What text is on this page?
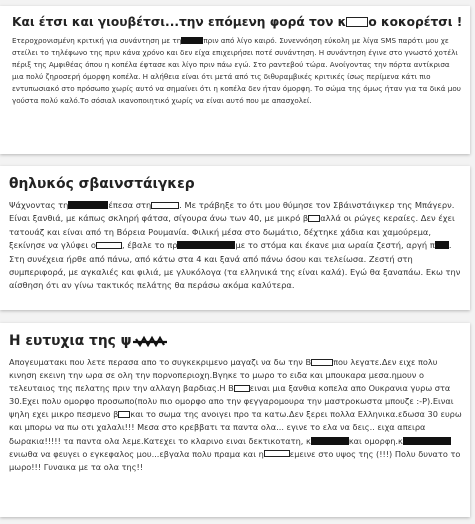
Και έτσι και γιουβέτσι...την επόμενη φορά τον κ ο κοκορέτσι !

Ετεροχρονισμένη κριτική για συνάντηση με τη	πριν από λίγο καιρό. Συνεννόηση εύκολη με λίγα SMS παρότι μου χε στείλει το τηλέφωνο της πριν κάνα χρόνο και δεν είχα επιχειρήσει ποτέ συνάντηση. Η συνάντηση έγινε στο γνωστό χοτέλι πέριξ της Αμφιθέας όπου η κοπέλα έφτασε και λίγο πριν πάω εγώ. Στο ραντεβού τώρα. Ανοίγοντας την πόρτα αντίκρισα μια πολύ ζηροσερή όμορφη κοπέλα. Η αλήθεια είναι ότι μετά από τις διθυραμβικές κριτικές ίσως περίμενα κάτι πιο εντυπωσιακό στο πρόσωπο χωρίς αυτό να σημαίνει ότι η κοπέλα δεν ήταν όμορφη. Το σώμα της όμως ήταν για τα δικά μου γούστα πολύ καλό.Το σόσιαλ ικανοποιητικό χωρίς να είναι αυτό που με απασχολεί.

θηλυκός σβαινστάιγκερ

Ψάχνοντας τη	έπεσα στη	. Με τράβηξε το ότι μου θύμησε τον Σβάινστάιγκερ της Μπάγερν. Είναι ξανθιά, με κάπως σκληρή φάτσα, σίγουρα άνω των 40, με μικρό β αλλά οι ρώγες κεραίες. Δεν έχει τατουάζ και είναι από τη Βόρεια Ρουμανία. Φιλική μέσα στο δωμάτιο, δέχτηκε χάδια και χαμούρεμα, ξεκίνησε να γλύφει ο	, έβαλε το πρ	με το στόμα και έκανε μια ωραία ζεστή, αργή π . Στη συνέχεια ήρθε από πάνω, από κάτω στα 4 και ξανά από πάνω όσου και τελείωσα. Ζεστή στη συμπεριφορά, με αγκαλιές και φιλιά, με γλυκόλογα (τα ελληνικά της είναι καλά). Εγώ θα ξαναπάω. Εκω την αίσθηση ότι αν γίνω τακτικός πελάτης θα περάσω ακόμα καλύτερα.

Η ευτυχια της ψ

Απογευματακι που λετε περασα απο το συγκεκριμενο μαγαζι να δω την Β	που λεγατε.Δεν ειχε πολυ κινηση εκεινη την ωρα σε ολη την πορνοπεριοχη.Βγηκε το μωρο το ειδα και μπουκαρα μεσα.ημουν ο τελευταιος της πελατης πριν την αλλαγη βαρδιας.Η Β ειναι μια ξανθια κοπελα απο Ουκρανια γυρω στα 30.Εχει πολυ ομορφο προσωπο(πολυ πιο ομορφο απο την φεγγαρομουρα την μαστροκωστα μπουζε :-P).Ειναι ψηλη εχει μικρο πεσμενο β και το σωμα της ανοιγει προ τα κατω.Δεν ξερει πολλα Ελληνικα.εδωσα 30 ευρω και μπορω να πω οτι χαλαλι!!! Μεσα στο κρεββατι τα παντα ολα... εγινε το ελα να δεις.. ειχα απειρα δωρακια!!!!! τα παντα ολα λεμε.Κατεχει το κλαρινο ειναι δεκτικοτατη, κ	και ομορφη.κενιωθα να φευγει ο εγκεφαλος μου...εβγαλα πολυ πραμα και η	εμεινε στο υψος της (!!!) Πολυ δυνατο το μωρο!!! Γυναικα με τα ολα της!!
